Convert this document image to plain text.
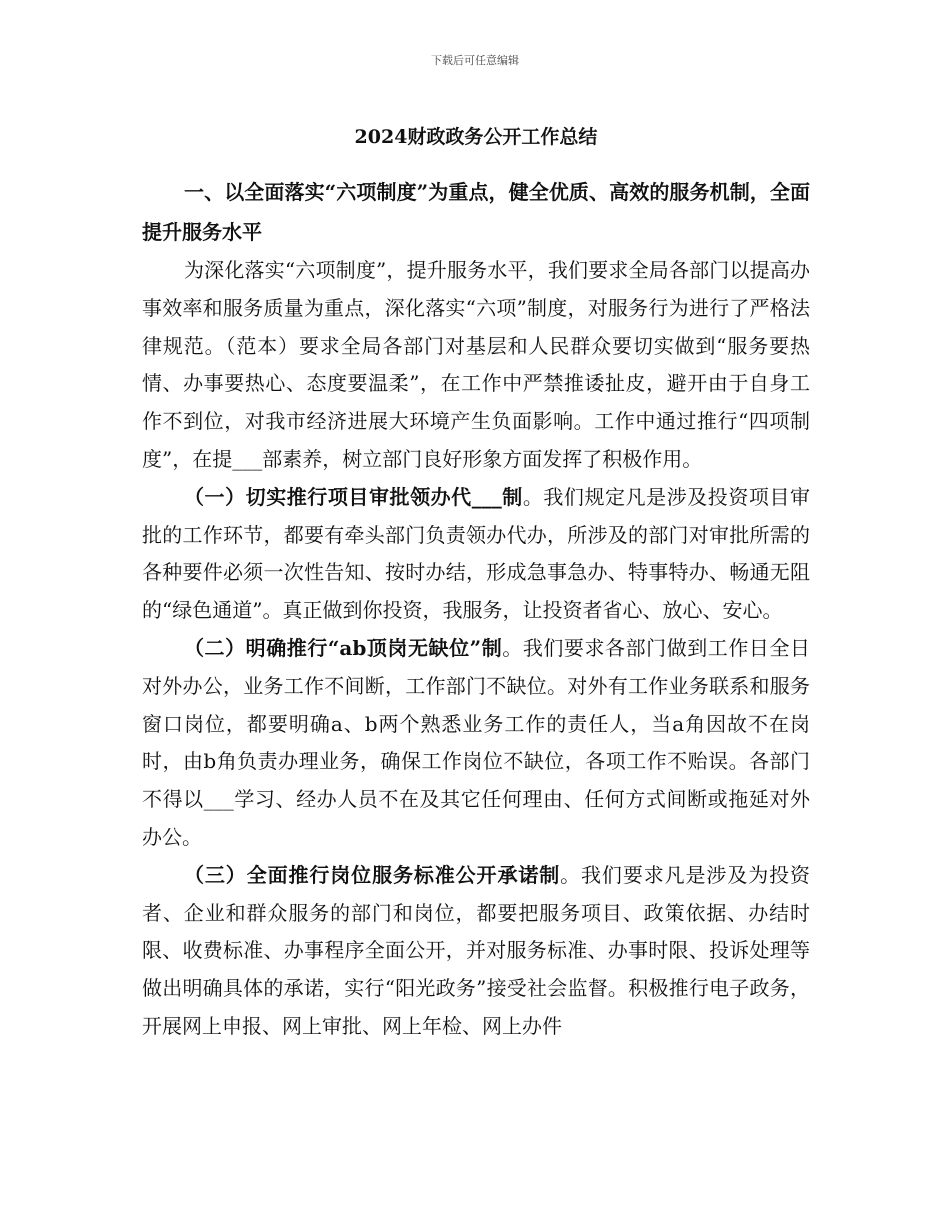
下载后可任意编辑
2024财政政务公开工作总结

一、以全面落实“六项制度”为重点，健全优质、高效的服务机制，全面提升服务水平

为深化落实“六项制度”，提升服务水平，我们要求全局各部门以提高办事效率和服务质量为重点，深化落实“六项”制度，对服务行为进行了严格法律规范。（范本）要求全局各部门对基层和人民群众要切实做到“服务要热情、办事要热心、态度要温柔”，在工作中严禁推诿扯皮，避开由于自身工作不到位，对我市经济进展大环境产生负面影响。工作中通过推行“四项制度”，在提___部素养，树立部门良好形象方面发挥了积极作用。

（一）切实推行项目审批领办代___制。我们规定凡是涉及投资项目审批的工作环节，都要有牵头部门负责领办代办，所涉及的部门对审批所需的各种要件必须一次性告知、按时办结，形成急事急办、特事特办、畅通无阻的“绿色通道”。真正做到你投资，我服务，让投资者省心、放心、安心。

（二）明确推行“ab顶岗无缺位”制。我们要求各部门做到工作日全日对外办公，业务工作不间断，工作部门不缺位。对外有工作业务联系和服务窗口岗位，都要明确a、b两个熟悉业务工作的责任人，当a角因故不在岗时，由b角负责办理业务，确保工作岗位不缺位，各项工作不贻误。各部门不得以___学习、经办人员不在及其它任何理由、任何方式间断或拖延对外办公。

（三）全面推行岗位服务标准公开承诺制。我们要求凡是涉及为投资者、企业和群众服务的部门和岗位，都要把服务项目、政策依据、办结时限、收费标准、办事程序全面公开，并对服务标准、办事时限、投诉处理等做出明确具体的承诺，实行“阳光政务”接受社会监督。积极推行电子政务，开展网上申报、网上审批、网上年检、网上办件
